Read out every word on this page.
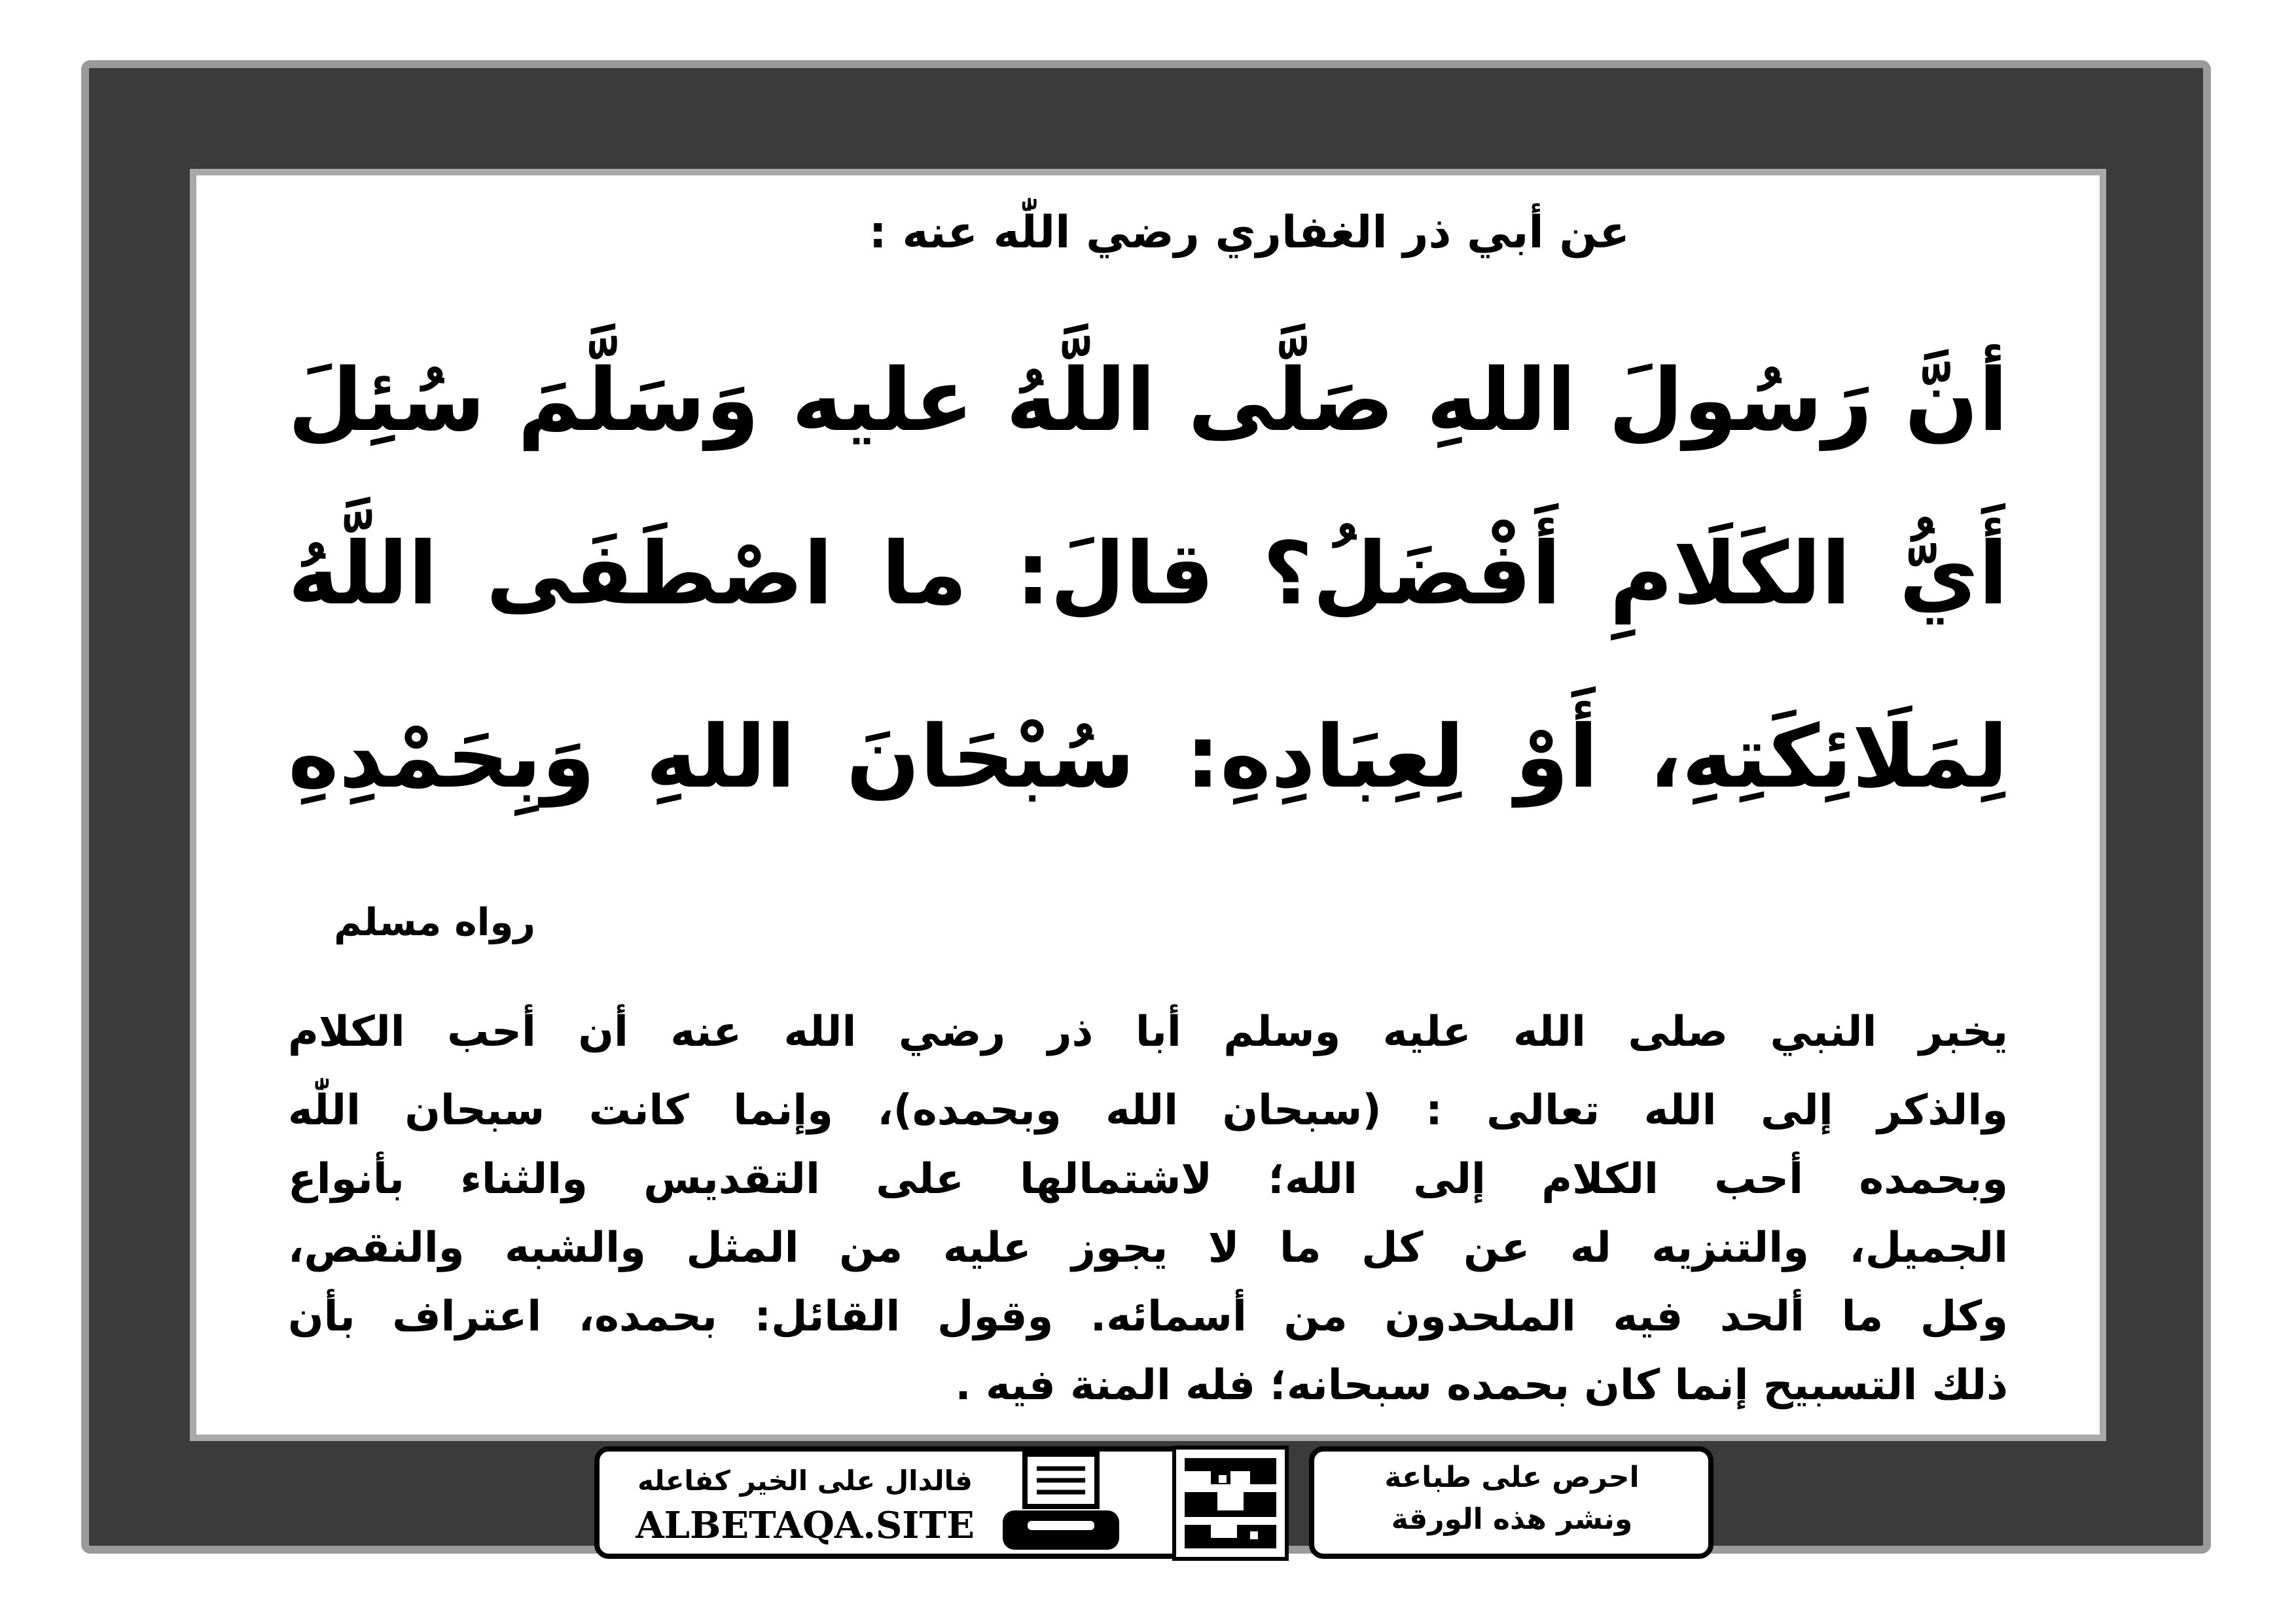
عن أبي ذر الغفاري رضي اللّٰه عنه :
أنَّ رَسُولَ اللهِ صَلَّى اللَّهُ عليه وَسَلَّمَ سُئِلَ
أَيُّ الكَلَامِ أَفْضَلُ؟ قالَ: ما اصْطَفَى اللَّهُ
لِمَلَائِكَتِهِ، أَوْ لِعِبَادِهِ: سُبْحَانَ اللهِ وَبِحَمْدِهِ
رواه مسلم
يخبر النبي صلى الله عليه وسلم أبا ذر رضي الله عنه أن أحب الكلام
والذكر إلى الله تعالى : (سبحان الله وبحمده)، وإنما كانت سبحان اللّٰه
وبحمده أحب الكلام إلى الله؛ لاشتمالها على التقديس والثناء بأنواع
الجميل، والتنزيه له عن كل ما لا يجوز عليه من المثل والشبه والنقص،
وكل ما ألحد فيه الملحدون من أسمائه. وقول القائل: بحمده، اعتراف بأن
ذلك التسبيح إنما كان بحمده سبحانه؛ فله المنة فيه .
فالدال على الخير كفاعله
ALBETAQA.SITE
احرص على طباعة
ونشر هذه الورقة
